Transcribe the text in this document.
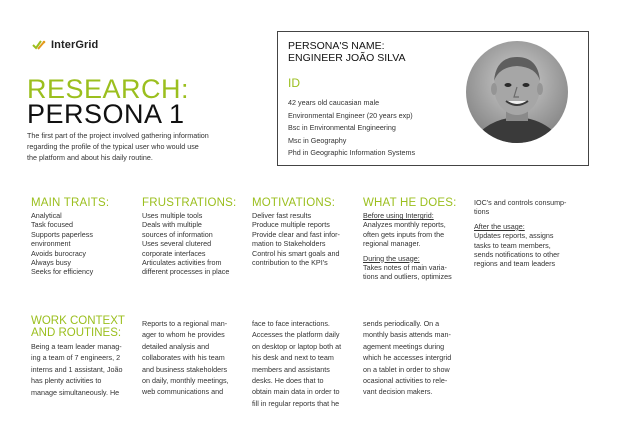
InterGrid
RESEARCH:
PERSONA 1
The first part of the project involved gathering information
regarding the profile of the typical user who would use
the platform and about his daily routine.
PERSONA'S NAME:
ENGINEER JOÃO SILVA
ID
42 years old caucasian male
Environmental Engineer (20 years exp)
Bsc in Environmental Engineering
Msc in Geography
Phd in Geographic Information Systems
MAIN TRAITS:
Analytical
Task focused
Supports paperless
environment
Avoids burocracy
Always busy
Seeks for efficiency
FRUSTRATIONS:
Uses multiple tools
Deals with multiple
sources of information
Uses several clutered
corporate interfaces
Articulates activities from
different processes in place
MOTIVATIONS:
Deliver fast results
Produce multiple reports
Provide clear and fast infor-
mation to Stakeholders
Control his smart goals and
contribution to the KPI's
WHAT HE DOES:
Before using Intergrid:
Analyzes monthly reports,
often gets inputs from the
regional manager.
During the usage:
Takes notes of main varia-
tions and outliers, optimizes
IOC's and controls consump-
tions
After the usage:
Updates reports, assigns
tasks to team members,
sends notifications to other
regions and team leaders
WORK CONTEXT
AND ROUTINES:
Being a team leader manag-
ing a team of 7 engineers, 2
interns and 1 assistant, João
has plenty activities to
manage simultaneously. He
Reports to a regional man-
ager to whom he provides
detailed analysis and
collaborates with his team
and business stakeholders
on daily, monthly meetings,
web communications and
face to face interactions.
Accesses the platform daily
on desktop or laptop both at
his desk and next to team
members and assistants
desks. He does that to
obtain main data in order to
fill in regular reports that he
sends periodically. On a
monthly basis attends man-
agement meetings during
which he accesses intergrid
on a tablet in order to show
ocasional activities to rele-
vant decision makers.
